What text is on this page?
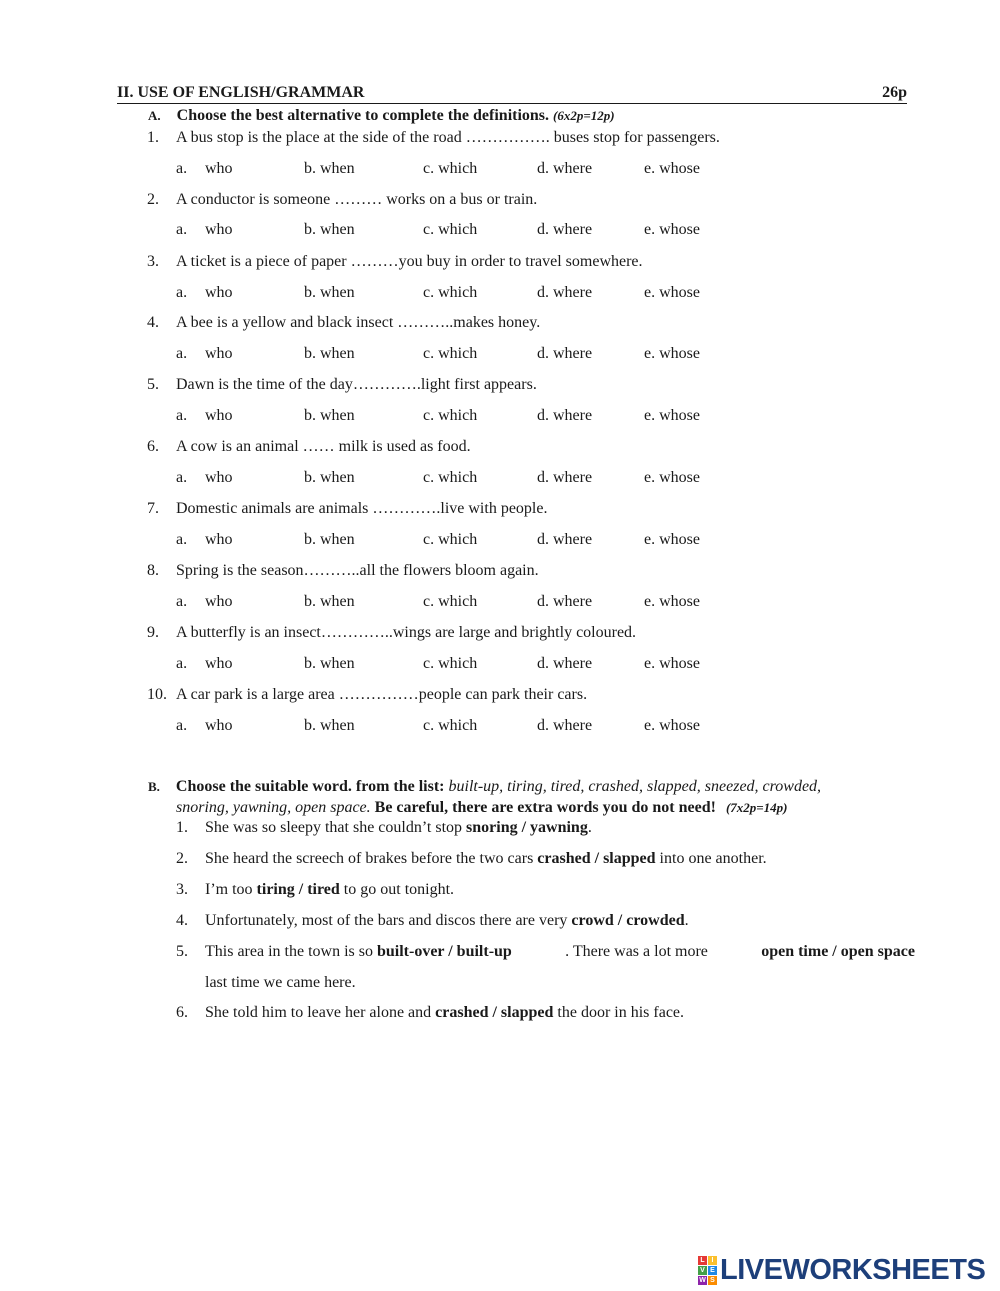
II. USE OF ENGLISH/GRAMMAR	26p
A. Choose the best alternative to complete the definitions. (6x2p=12p)
1. A bus stop is the place at the side of the road ……………. buses stop for passengers.
a. who	b. when	c. which	d. where	e. whose
2. A conductor is someone ……… works on a bus or train.
a. who	b. when	c. which	d. where	e. whose
3. A ticket is a piece of paper ………you buy in order to travel somewhere.
a. who	b. when	c. which	d. where	e. whose
4. A bee is a yellow and black insect ………..makes honey.
a. who	b. when	c. which	d. where	e. whose
5. Dawn is the time of the day………….light first appears.
a. who	b. when	c. which	d. where	e. whose
6. A cow is an animal …… milk is used as food.
a. who	b. when	c. which	d. where	e. whose
7. Domestic animals are animals ………….live with people.
a. who	b. when	c. which	d. where	e. whose
8. Spring is the season………..all the flowers bloom again.
a. who	b. when	c. which	d. where	e. whose
9. A butterfly is an insect…………..wings are large and brightly coloured.
a. who	b. when	c. which	d. where	e. whose
10. A car park is a large area ……………people can park their cars.
a. who	b. when	c. which	d. where	e. whose
B. Choose the suitable word. from the list: built-up, tiring, tired, crashed, slapped, sneezed, crowded,
snoring, yawning, open space. Be careful, there are extra words you do not need! (7x2p=14p)
1. She was so sleepy that she couldn’t stop snoring / yawning.
2. She heard the screech of brakes before the two cars crashed / slapped into one another.
3. I’m too tiring / tired to go out tonight.
4. Unfortunately, most of the bars and discos there are very crowd / crowded.
5. This area in the town is so built-over / built-up	. There was a lot more	open time / open space
last time we came here.
6. She told him to leave her alone and crashed / slapped the door in his face.
L I
V E
W S LIVEWORKSHEETS
